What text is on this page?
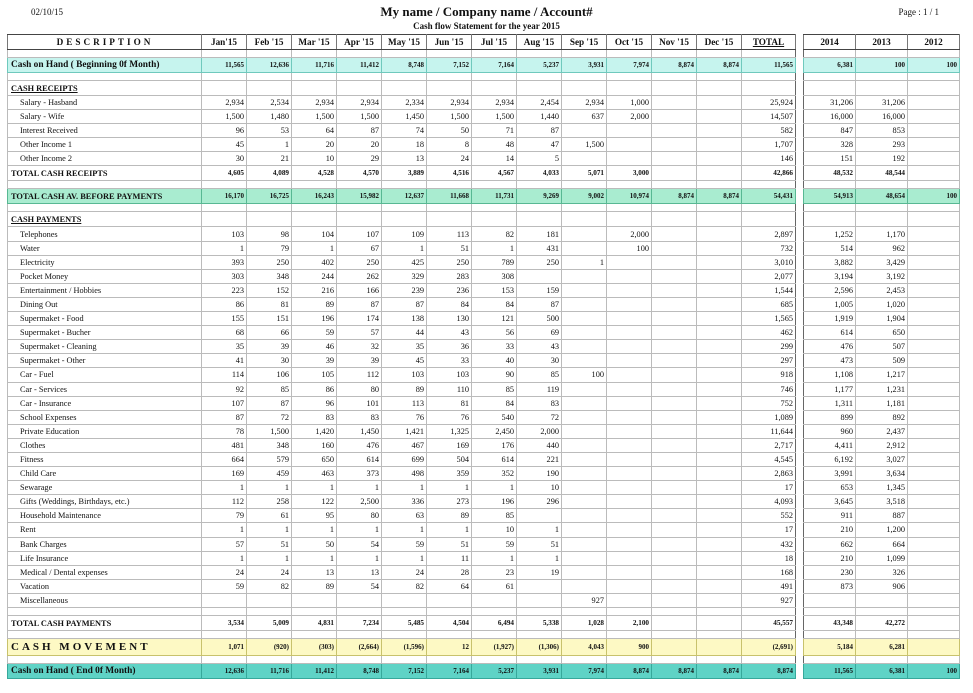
02/10/15	My name / Company name / Account#
Cash flow Statement for the year 2015
Page : 1 / 1
DESCRIPTION	Jan'15	Feb '15	Mar '15	Apr '15	May '15	Jun '15	Jul '15	Aug '15	Sep '15	Oct '15	Nov '15	Dec '15	TOTAL		2014	2013	2012

Cash on Hand ( Beginning 0f Month)	11,565	12,636	11,716	11,412	8,748	7,152	7,164	5,237	3,931	7,974	8,874	8,874	11,565		6,381	100	100

CASH RECEIPTS																	
Salary - Hasband	2,934	2,534	2,934	2,934	2,334	2,934	2,934	2,454	2,934	1,000			25,924		31,206	31,206	
Salary - Wife	1,500	1,480	1,500	1,500	1,450	1,500	1,500	1,440	637	2,000			14,507		16,000	16,000	
Interest Received	96	53	64	87	74	50	71	87					582		847	853	
Other Income 1	45	1	20	20	18	8	48	47	1,500				1,707		328	293	
Other Income 2	30	21	10	29	13	24	14	5					146		151	192	
TOTAL CASH RECEIPTS	4,605	4,089	4,528	4,570	3,889	4,516	4,567	4,033	5,071	3,000			42,866		48,532	48,544	

TOTAL CASH AV. BEFORE PAYMENTS	16,170	16,725	16,243	15,982	12,637	11,668	11,731	9,269	9,002	10,974	8,874	8,874	54,431		54,913	48,654	100

CASH PAYMENTS																	
Telephones	103	98	104	107	109	113	82	181		2,000			2,897		1,252	1,170	
Water	1	79	1	67	1	51	1	431		100			732		514	962	
Electricity	393	250	402	250	425	250	789	250	1				3,010		3,882	3,429	
Pocket Money	303	348	244	262	329	283	308						2,077		3,194	3,192	
Entertainment / Hobbies	223	152	216	166	239	236	153	159					1,544		2,596	2,453	
Dining Out	86	81	89	87	87	84	84	87					685		1,005	1,020	
Supermaket - Food	155	151	196	174	138	130	121	500					1,565		1,919	1,904	
Supermaket - Bucher	68	66	59	57	44	43	56	69					462		614	650	
Supermaket - Cleaning	35	39	46	32	35	36	33	43					299		476	507	
Supermaket - Other	41	30	39	39	45	33	40	30					297		473	509	
Car - Fuel	114	106	105	112	103	103	90	85	100				918		1,108	1,217	
Car - Services	92	85	86	80	89	110	85	119					746		1,177	1,231	
Car - Insurance	107	87	96	101	113	81	84	83					752		1,311	1,181	
School Expenses	87	72	83	83	76	76	540	72					1,089		899	892	
Private Education	78	1,500	1,420	1,450	1,421	1,325	2,450	2,000					11,644		960	2,437	
Clothes	481	348	160	476	467	169	176	440					2,717		4,411	2,912	
Fitness	664	579	650	614	699	504	614	221					4,545		6,192	3,027	
Child Care	169	459	463	373	498	359	352	190					2,863		3,991	3,634	
Sewarage	1	1	1	1	1	1	1	10					17		653	1,345	
Gifts (Weddings, Birthdays, etc.)	112	258	122	2,500	336	273	196	296					4,093		3,645	3,518	
Household Maintenance	79	61	95	80	63	89	85						552		911	887	
Rent	1	1	1	1	1	1	10	1					17		210	1,200	
Bank Charges	57	51	50	54	59	51	59	51					432		662	664	
Life Insurance	1	1	1	1	1	11	1	1					18		210	1,099	
Medical / Dental expenses	24	24	13	13	24	28	23	19					168		230	326	
Vacation	59	82	89	54	82	64	61						491		873	906	
Miscellaneous									927				927				

TOTAL CASH PAYMENTS	3,534	5,009	4,831	7,234	5,485	4,504	6,494	5,338	1,028	2,100			45,557		43,348	42,272	

CASH MOVEMENT	1,071	(920)	(303)	(2,664)	(1,596)	12	(1,927)	(1,306)	4,043	900			(2,691)		5,184	6,281	

Cash on Hand ( End 0f Month)	12,636	11,716	11,412	8,748	7,152	7,164	5,237	3,931	7,974	8,874	8,874	8,874	8,874		11,565	6,381	100
